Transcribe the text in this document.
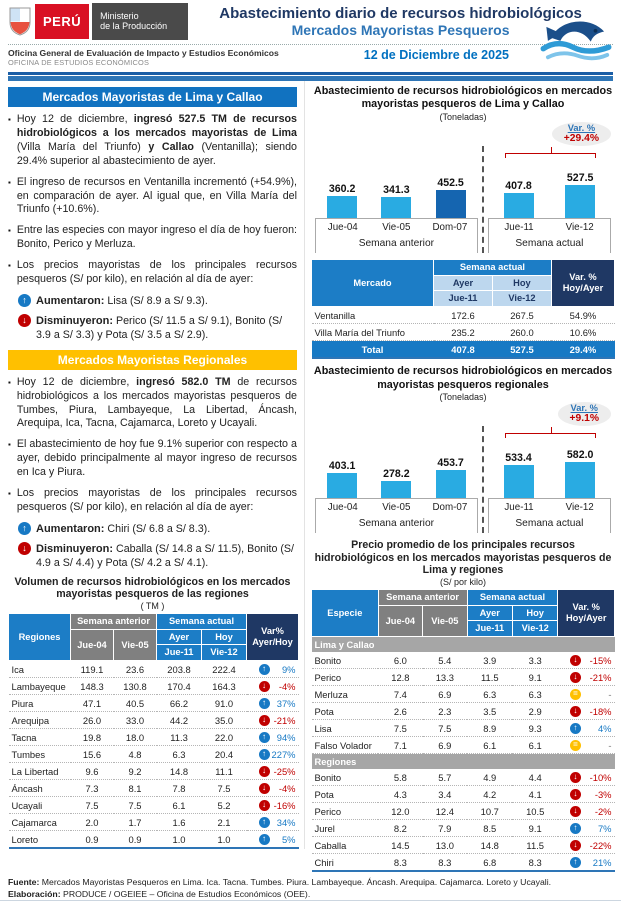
PERÚ	Ministerio
de la Producción
Abastecimiento diario de recursos hidrobiológicos
Mercados Mayoristas Pesqueros
Oficina General de Evaluación de Impacto y Estudios Económicos
OFICINA DE ESTUDIOS ECONÓMICOS
12 de Diciembre de 2025
Mercados Mayoristas de Lima y Callao
▪ Hoy 12 de diciembre, ingresó 527.5 TM de recursos hidrobiológicos a los mercados mayoristas de Lima (Villa María del Triunfo) y Callao (Ventanilla); siendo 29.4% superior al abastecimiento de ayer.
▪ El ingreso de recursos en Ventanilla incrementó (+54.9%), en comparación de ayer. Al igual que, en Villa María del Triunfo (+10.6%).
▪ Entre las especies con mayor ingreso el día de hoy fueron: Bonito, Perico y Merluza.
▪ Los precios mayoristas de los principales recursos pesqueros (S/ por kilo), en relación al día de ayer:
↑ Aumentaron: Lisa (S/ 8.9 a S/ 9.3).
↓ Disminuyeron: Perico (S/ 11.5 a S/ 9.1), Bonito (S/ 3.9 a S/ 3.3) y Pota (S/ 3.5 a S/ 2.9).
Mercados Mayoristas Regionales
▪ Hoy 12 de diciembre, ingresó 582.0 TM de recursos hidrobiológicos a los mercados mayoristas pesqueros de Tumbes, Piura, Lambayeque, La Libertad, Áncash, Arequipa, Ica, Tacna, Cajamarca, Loreto y Ucayali.
▪ El abastecimiento de hoy fue 9.1% superior con respecto a ayer, debido principalmente al mayor ingreso de recursos en Ica y Piura.
▪ Los precios mayoristas de los principales recursos pesqueros (S/ por kilo), en relación al día de ayer:
↑ Aumentaron: Chiri (S/ 6.8 a S/ 8.3).
↓ Disminuyeron: Caballa (S/ 14.8 a S/ 11.5), Bonito (S/ 4.9 a S/ 4.4) y Pota (S/ 4.2 a S/ 4.1).
Volumen de recursos hidrobiológicos en los mercados mayoristas pesqueros de las regiones
( TM )
Regiones	Semana anterior		Semana actual		Var%
Ayer/Hoy
	Jue-04	Vie-05	Ayer	Hoy	
			Jue-11	Vie-12	
Ica	119.1	23.6	203.8	222.4	↑ 9%

Lambayeque	148.3	130.8	170.4	164.3	↓ -4%

Piura	47.1	40.5	66.2	91.0	↑ 37%

Arequipa	26.0	33.0	44.2	35.0	↓ -21%

Tacna	19.8	18.0	11.3	22.0	↑ 94%

Tumbes	15.6	4.8	6.3	20.4	↑ 227%

La Libertad	9.6	9.2	14.8	11.1	↓ -25%

Áncash	7.3	8.1	7.8	7.5	↓ -4%

Ucayali	7.5	7.5	6.1	5.2	↓ -16%

Cajamarca	2.0	1.7	1.6	2.1	↑ 34%

Loreto	0.9	0.9	1.0	1.0	↑ 5%
Abastecimiento de recursos hidrobiológicos en mercados mayoristas pesqueros de Lima y Callao
(Toneladas)
360.2	341.3
452.5
Jue-04	Vie-05	Dom-07
Semana anterior
407.8
527.5
Jue-11	Vie-12
Semana actual
Var. %
+29.4%
Mercado	Semana actual		Var. %
Hoy/Ayer
	Ayer	Hoy	
	Jue-11	Vie-12	
Ventanilla	172.6	267.5	54.9%
Villa María del Triunfo	235.2	260.0	10.6%
Total	407.8	527.5	29.4%
Abastecimiento de recursos hidrobiológicos en mercados mayoristas pesqueros regionales
(Toneladas)
403.1
278.2
453.7
Jue-04	Vie-05	Dom-07
Semana anterior
533.4	582.0
Jue-11	Vie-12
Semana actual
Var. %
+9.1%
Precio promedio de los principales recursos hidrobiológicos en los mercados mayoristas pesqueros de Lima y regiones
(S/ por kilo)
Especie	Semana anterior		Semana actual		Var. %
Hoy/Ayer
	Jue-04	Vie-05	Ayer	Hoy	
			Jue-11	Vie-12	
Lima y Callao					
Bonito	6.0	5.4	3.9	3.3	↓ -15%

Perico	12.8	13.3	11.5	9.1	↓ -21%

Merluza	7.4	6.9	6.3	6.3	= -

Pota	2.6	2.3	3.5	2.9	↓ -18%

Lisa	7.5	7.5	8.9	9.3	↑ 4%

Falso Volador	7.1	6.9	6.1	6.1	= -

Regiones					
Bonito	5.8	5.7	4.9	4.4	↓ -10%

Pota	4.3	3.4	4.2	4.1	↓ -3%

Perico	12.0	12.4	10.7	10.5	↓ -2%

Jurel	8.2	7.9	8.5	9.1	↑ 7%

Caballa	14.5	13.0	14.8	11.5	↓ -22%

Chiri	8.3	8.3	6.8	8.3	↑ 21%
Fuente: Mercados Mayoristas Pesqueros en Lima. Ica. Tacna. Tumbes. Piura. Lambayeque. Áncash. Arequipa. Cajamarca. Loreto y Ucayali.
Elaboración: PRODUCE / OGEIEE – Oficina de Estudios Económicos (OEE).
